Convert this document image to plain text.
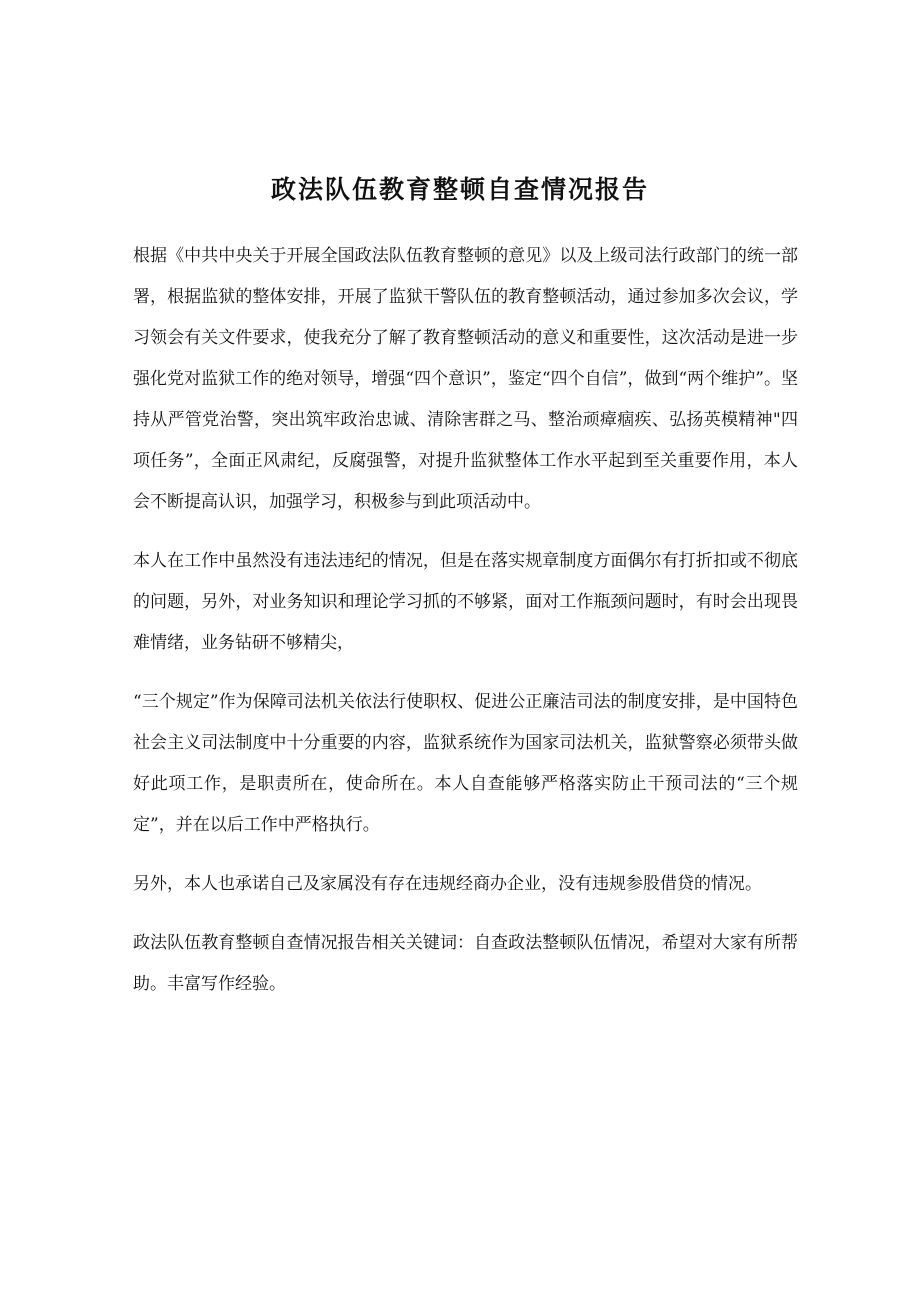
政法队伍教育整顿自查情况报告

根据《中共中央关于开展全国政法队伍教育整顿的意见》以及上级司法行政部门的统一部署，根据监狱的整体安排，开展了监狱干警队伍的教育整顿活动，通过参加多次会议，学习领会有关文件要求，使我充分了解了教育整顿活动的意义和重要性，这次活动是进一步强化党对监狱工作的绝对领导，增强“四个意识”，鉴定“四个自信”，做到“两个维护”。坚持从严管党治警，突出筑牢政治忠诚、清除害群之马、整治顽瘴痼疾、弘扬英模精神"四项任务”，全面正风肃纪，反腐强警，对提升监狱整体工作水平起到至关重要作用，本人会不断提高认识，加强学习，积极参与到此项活动中。

本人在工作中虽然没有违法违纪的情况，但是在落实规章制度方面偶尔有打折扣或不彻底的问题，另外，对业务知识和理论学习抓的不够紧，面对工作瓶颈问题时，有时会出现畏难情绪，业务钻研不够精尖，

“三个规定”作为保障司法机关依法行使职权、促进公正廉洁司法的制度安排，是中国特色社会主义司法制度中十分重要的内容，监狱系统作为国家司法机关，监狱警察必须带头做好此项工作，是职责所在，使命所在。本人自查能够严格落实防止干预司法的“三个规定”，并在以后工作中严格执行。

另外，本人也承诺自己及家属没有存在违规经商办企业，没有违规参股借贷的情况。

政法队伍教育整顿自查情况报告相关关键词：自查政法整顿队伍情况，希望对大家有所帮助。丰富写作经验。
